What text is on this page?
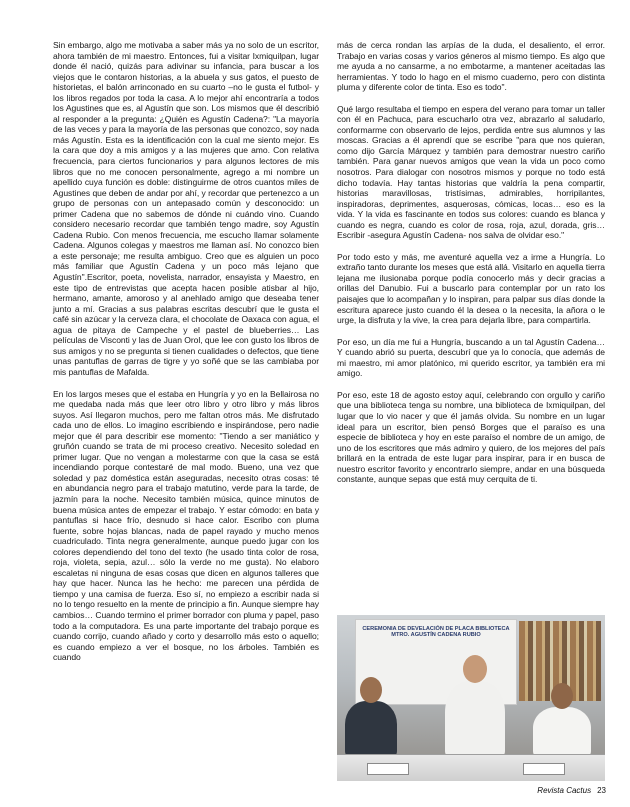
Sin embargo, algo me motivaba a saber más ya no solo de un escritor, ahora también de mi maestro. Entonces, fui a visitar Ixmiquilpan, lugar donde él nació, quizás para adivinar su infancia, para buscar a los viejos que le contaron historias, a la abuela y sus gatos, el puesto de historietas, el balón arrinconado en su cuarto –no le gusta el futbol- y los libros regados por toda la casa. A lo mejor ahí encontraría a todos los Agustines que es, al Agustín que son. Los mismos que él describió al responder a la pregunta: ¿Quién es Agustín Cadena?: "La mayoría de las veces y para la mayoría de las personas que conozco, soy nada más Agustín. Esta es la identificación con la cual me siento mejor. Es la cara que doy a mis amigos y a las mujeres que amo. Con relativa frecuencia, para ciertos funcionarios y para algunos lectores de mis libros que no me conocen personalmente, agrego a mi nombre un apellido cuya función es doble: distinguirme de otros cuantos miles de Agustines que deben de andar por ahí, y recordar que pertenezco a un grupo de personas con un antepasado común y desconocido: un primer Cadena que no sabemos de dónde ni cuándo vino. Cuando considero necesario recordar que también tengo madre, soy Agustín Cadena Rubio. Con menos frecuencia, me escucho llamar solamente Cadena. Algunos colegas y maestros me llaman así. No conozco bien a este personaje; me resulta ambiguo. Creo que es alguien un poco más familiar que Agustín Cadena y un poco más lejano que Agustín".Escritor, poeta, novelista, narrador, ensayista y Maestro, en este tipo de entrevistas que acepta hacen posible atisbar al hijo, hermano, amante, amoroso y al anehlado amigo que deseaba tener junto a mí. Gracias a sus palabras escritas descubrí que le gusta el café sin azúcar y la cerveza clara, el chocolate de Oaxaca con agua, el agua de pitaya de Campeche y el pastel de blueberries… Las películas de Visconti y las de Juan Orol, que lee con gusto los libros de sus amigos y no se pregunta si tienen cualidades o defectos, que tiene unas pantuflas de garras de tigre y yo soñé que se las cambiaba por mis pantuflas de Mafalda.

En los largos meses que el estaba en Hungría y yo en la Bellairosa no me quedaba nada más que leer otro libro y otro libro y más libros suyos. Así llegaron muchos, pero me faltan otros más. Me disfrutado cada uno de ellos. Lo imagino escribiendo e inspirándose, pero nadie mejor que él para describir ese momento: "Tiendo a ser maniático y gruñón cuando se trata de mi proceso creativo. Necesito soledad en primer lugar. Que no vengan a molestarme con que la casa se está incendiando porque contestaré de mal modo. Bueno, una vez que soledad y paz doméstica están aseguradas, necesito otras cosas: té en abundancia negro para el trabajo matutino, verde para la tarde, de jazmín para la noche. Necesito también música, quince minutos de buena música antes de empezar el trabajo. Y estar cómodo: en bata y pantuflas si hace frío, desnudo si hace calor. Escribo con pluma fuente, sobre hojas blancas, nada de papel rayado y mucho menos cuadriculado. Tinta negra generalmente, aunque puedo jugar con los colores dependiendo del tono del texto (he usado tinta color de rosa, roja, violeta, sepia, azul… sólo la verde no me gusta). No elaboro escaletas ni ninguna de esas cosas que dicen en algunos talleres que hay que hacer. Nunca las he hecho: me parecen una pérdida de tiempo y una camisa de fuerza. Eso sí, no empiezo a escribir nada si no lo tengo resuelto en la mente de principio a fin. Aunque siempre hay cambios… Cuando termino el primer borrador con pluma y papel, paso todo a la computadora. Es una parte importante del trabajo porque es cuando corrijo, cuando añado y corto y desarrollo más esto o aquello; es cuando empiezo a ver el bosque, no los árboles. También es cuando

más de cerca rondan las arpías de la duda, el desaliento, el error. Trabajo en varias cosas y varios géneros al mismo tiempo. Es algo que me ayuda a no cansarme, a no embotarme, a mantener aceitadas las herramientas. Y todo lo hago en el mismo cuaderno, pero con distinta pluma y diferente color de tinta. Eso es todo".

Qué largo resultaba el tiempo en espera del verano para tomar un taller con él en Pachuca, para escucharlo otra vez, abrazarlo al saludarlo, conformarme con observarlo de lejos, perdida entre sus alumnos y las moscas. Gracias a él aprendí que se escribe "para que nos quieran, como dijo García Márquez y también para demostrar nuestro cariño también. Para ganar nuevos amigos que vean la vida un poco como nosotros. Para dialogar con nosotros mismos y porque no todo está dicho todavía. Hay tantas historias que valdría la pena compartir, historias maravillosas, tristísimas, admirables, horripilantes, inspiradoras, deprimentes, asquerosas, cómicas, locas… eso es la vida. Y la vida es fascinante en todos sus colores: cuando es blanca y cuando es negra, cuando es color de rosa, roja, azul, dorada, gris… Escribir -asegura Agustín Cadena- nos salva de olvidar eso."

Por todo esto y más, me aventuré aquella vez a irme a Hungría. Lo extraño tanto durante los meses que está allá. Visitarlo en aquella tierra lejana me ilusionaba porque podía conocerlo más y decir gracias a orillas del Danubio. Fui a buscarlo para contemplar por un rato los paisajes que lo acompañan y lo inspiran, para palpar sus días donde la escritura aparece justo cuando él la desea o la necesita, la añora o le urge, la disfruta y la vive, la crea para dejarla libre, para compartirla.

Por eso, un día me fui a Hungría, buscando a un tal Agustín Cadena…Y cuando abrió su puerta, descubrí que ya lo conocía, que además de mi maestro, mi amor platónico, mi querido escritor, ya también era mi amigo.

Por eso, este 18 de agosto estoy aquí, celebrando con orgullo y cariño que una biblioteca tenga su nombre, una biblioteca de Ixmiquilpan, del lugar que lo vio nacer y que él jamás olvida. Su nombre en un lugar ideal para un escritor, bien pensó Borges que el paraíso es una especie de biblioteca y hoy en este paraíso el nombre de un amigo, de uno de los escritores que más admiro y quiero, de los mejores del país brillará en la entrada de este lugar para inspirar, para ir en busca de nuestro escritor favorito y encontrarlo siempre, andar en una búsqueda constante, aunque sepas que está muy cerquita de ti.

CEREMONIA DE DEVELACIÓN DE PLACA BIBLIOTECA MTRO. AGUSTÍN CADENA RUBIO
Revista Cactus 23
